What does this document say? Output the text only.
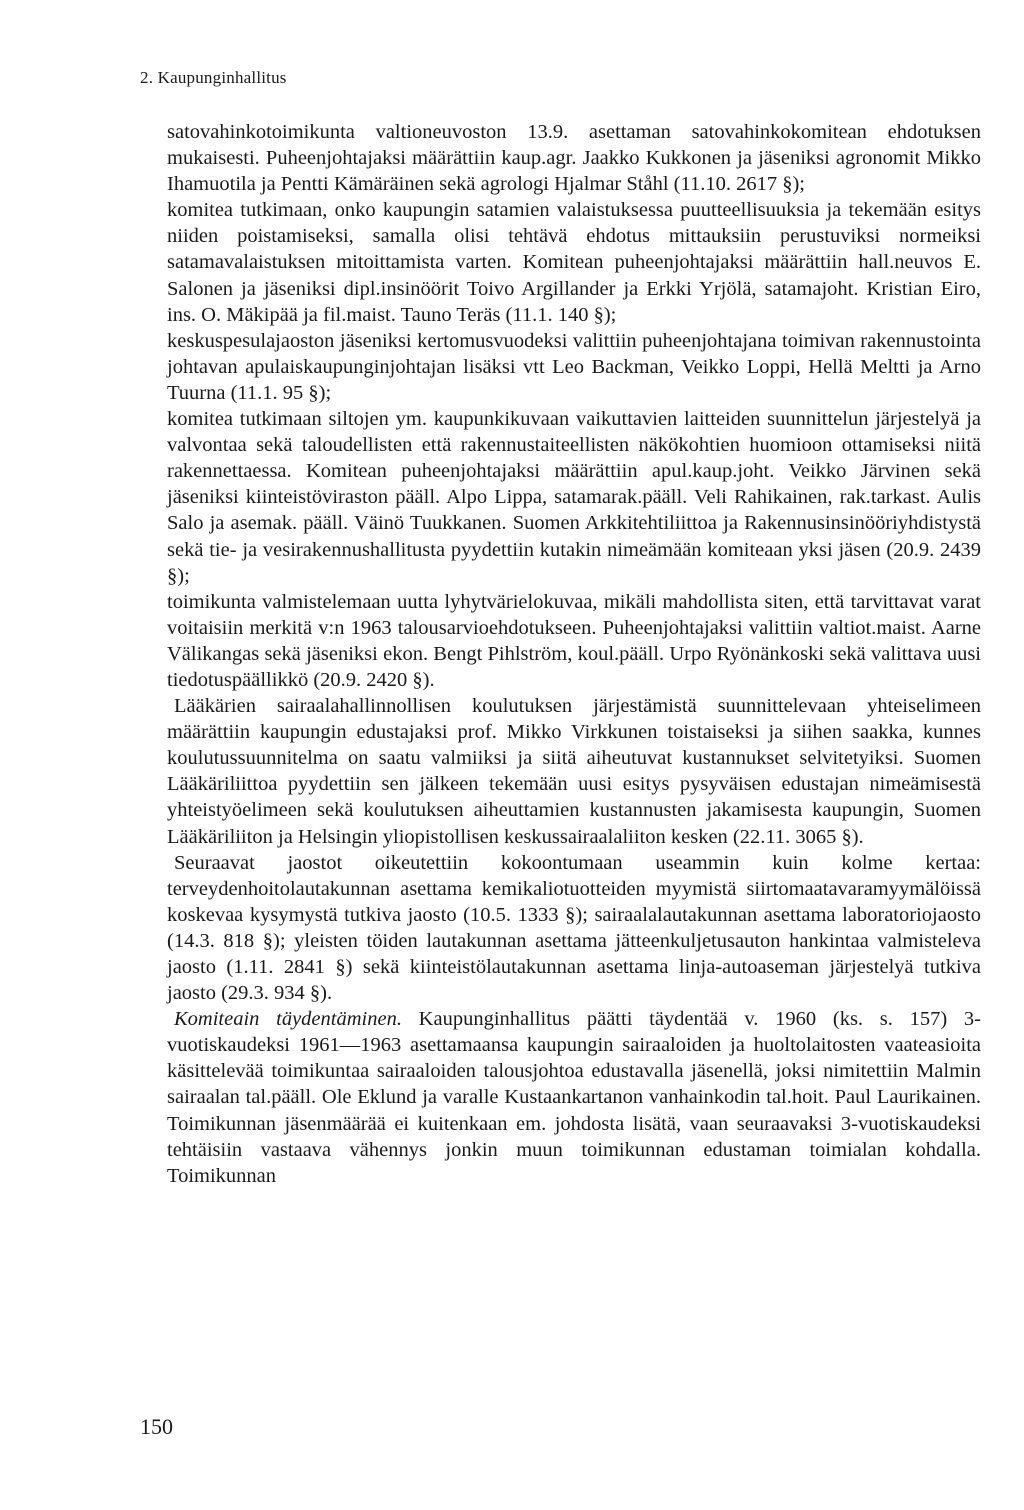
2. Kaupunginhallitus

satovahinkotoimikunta valtioneuvoston 13.9. asettaman satovahinkokomitean ehdotuksen mukaisesti. Puheenjohtajaksi määrättiin kaup.agr. Jaakko Kukkonen ja jäseniksi agronomit Mikko Ihamuotila ja Pentti Kämäräinen sekä agrologi Hjalmar Ståhl (11.10. 2617 §);

komitea tutkimaan, onko kaupungin satamien valaistuksessa puutteellisuuksia ja tekemään esitys niiden poistamiseksi, samalla olisi tehtävä ehdotus mittauksiin perustuviksi normeiksi satamavalaistuksen mitoittamista varten. Komitean puheenjohtajaksi määrättiin hall.neuvos E. Salonen ja jäseniksi dipl.insinöörit Toivo Argillander ja Erkki Yrjölä, satamajoht. Kristian Eiro, ins. O. Mäkipää ja fil.maist. Tauno Teräs (11.1. 140 §);

keskuspesulajaoston jäseniksi kertomusvuodeksi valittiin puheenjohtajana toimivan rakennustointa johtavan apulaiskaupunginjohtajan lisäksi vtt Leo Backman, Veikko Loppi, Hellä Meltti ja Arno Tuurna (11.1. 95 §);

komitea tutkimaan siltojen ym. kaupunkikuvaan vaikuttavien laitteiden suunnittelun järjestelyä ja valvontaa sekä taloudellisten että rakennustaiteellisten näkökohtien huomioon ottamiseksi niitä rakennettaessa. Komitean puheenjohtajaksi määrättiin apul.kaup.joht. Veikko Järvinen sekä jäseniksi kiinteistöviraston pääll. Alpo Lippa, satamarak.pääll. Veli Rahikainen, rak.tarkast. Aulis Salo ja asemak. pääll. Väinö Tuukkanen. Suomen Arkkitehtiliittoa ja Rakennusinsinööriyhdistystä sekä tie- ja vesirakennushallitusta pyydettiin kutakin nimeämään komiteaan yksi jäsen (20.9. 2439 §);

toimikunta valmistelemaan uutta lyhytvärielokuvaa, mikäli mahdollista siten, että tarvittavat varat voitaisiin merkitä v:n 1963 talousarvioehdotukseen. Puheenjohtajaksi valittiin valtiot.maist. Aarne Välikangas sekä jäseniksi ekon. Bengt Pihlström, koul.pääll. Urpo Ryönänkoski sekä valittava uusi tiedotuspäällikkö (20.9. 2420 §).

Lääkärien sairaalahallinnollisen koulutuksen järjestämistä suunnittelevaan yhteiselimeen määrättiin kaupungin edustajaksi prof. Mikko Virkkunen toistaiseksi ja siihen saakka, kunnes koulutussuunnitelma on saatu valmiiksi ja siitä aiheutuvat kustannukset selvitetyiksi. Suomen Lääkäriliittoa pyydettiin sen jälkeen tekemään uusi esitys pysyväisen edustajan nimeämisestä yhteistyöelimeen sekä koulutuksen aiheuttamien kustannusten jakamisesta kaupungin, Suomen Lääkäriliiton ja Helsingin yliopistollisen keskussairaalaliiton kesken (22.11. 3065 §).

Seuraavat jaostot oikeutettiin kokoontumaan useammin kuin kolme kertaa: terveydenhoitolautakunnan asettama kemikaliotuotteiden myymistä siirtomaatavaramyymälöissä koskevaa kysymystä tutkiva jaosto (10.5. 1333 §); sairaalalautakunnan asettama laboratoriojaosto (14.3. 818 §); yleisten töiden lautakunnan asettama jätteenkuljetusauton hankintaa valmisteleva jaosto (1.11. 2841 §) sekä kiinteistölautakunnan asettama linja-autoaseman järjestelyä tutkiva jaosto (29.3. 934 §).

Komiteain täydentäminen. Kaupunginhallitus päätti täydentää v. 1960 (ks. s. 157) 3-vuotiskaudeksi 1961—1963 asettamaansa kaupungin sairaaloiden ja huoltolaitosten vaateasioita käsittelevää toimikuntaa sairaaloiden talousjohtoa edustavalla jäsenellä, joksi nimitettiin Malmin sairaalan tal.pääll. Ole Eklund ja varalle Kustaankartanon vanhainkodin tal.hoit. Paul Laurikainen. Toimikunnan jäsenmäärää ei kuitenkaan em. johdosta lisätä, vaan seuraavaksi 3-vuotiskaudeksi tehtäisiin vastaava vähennys jonkin muun toimikunnan edustaman toimialan kohdalla. Toimikunnan

150
